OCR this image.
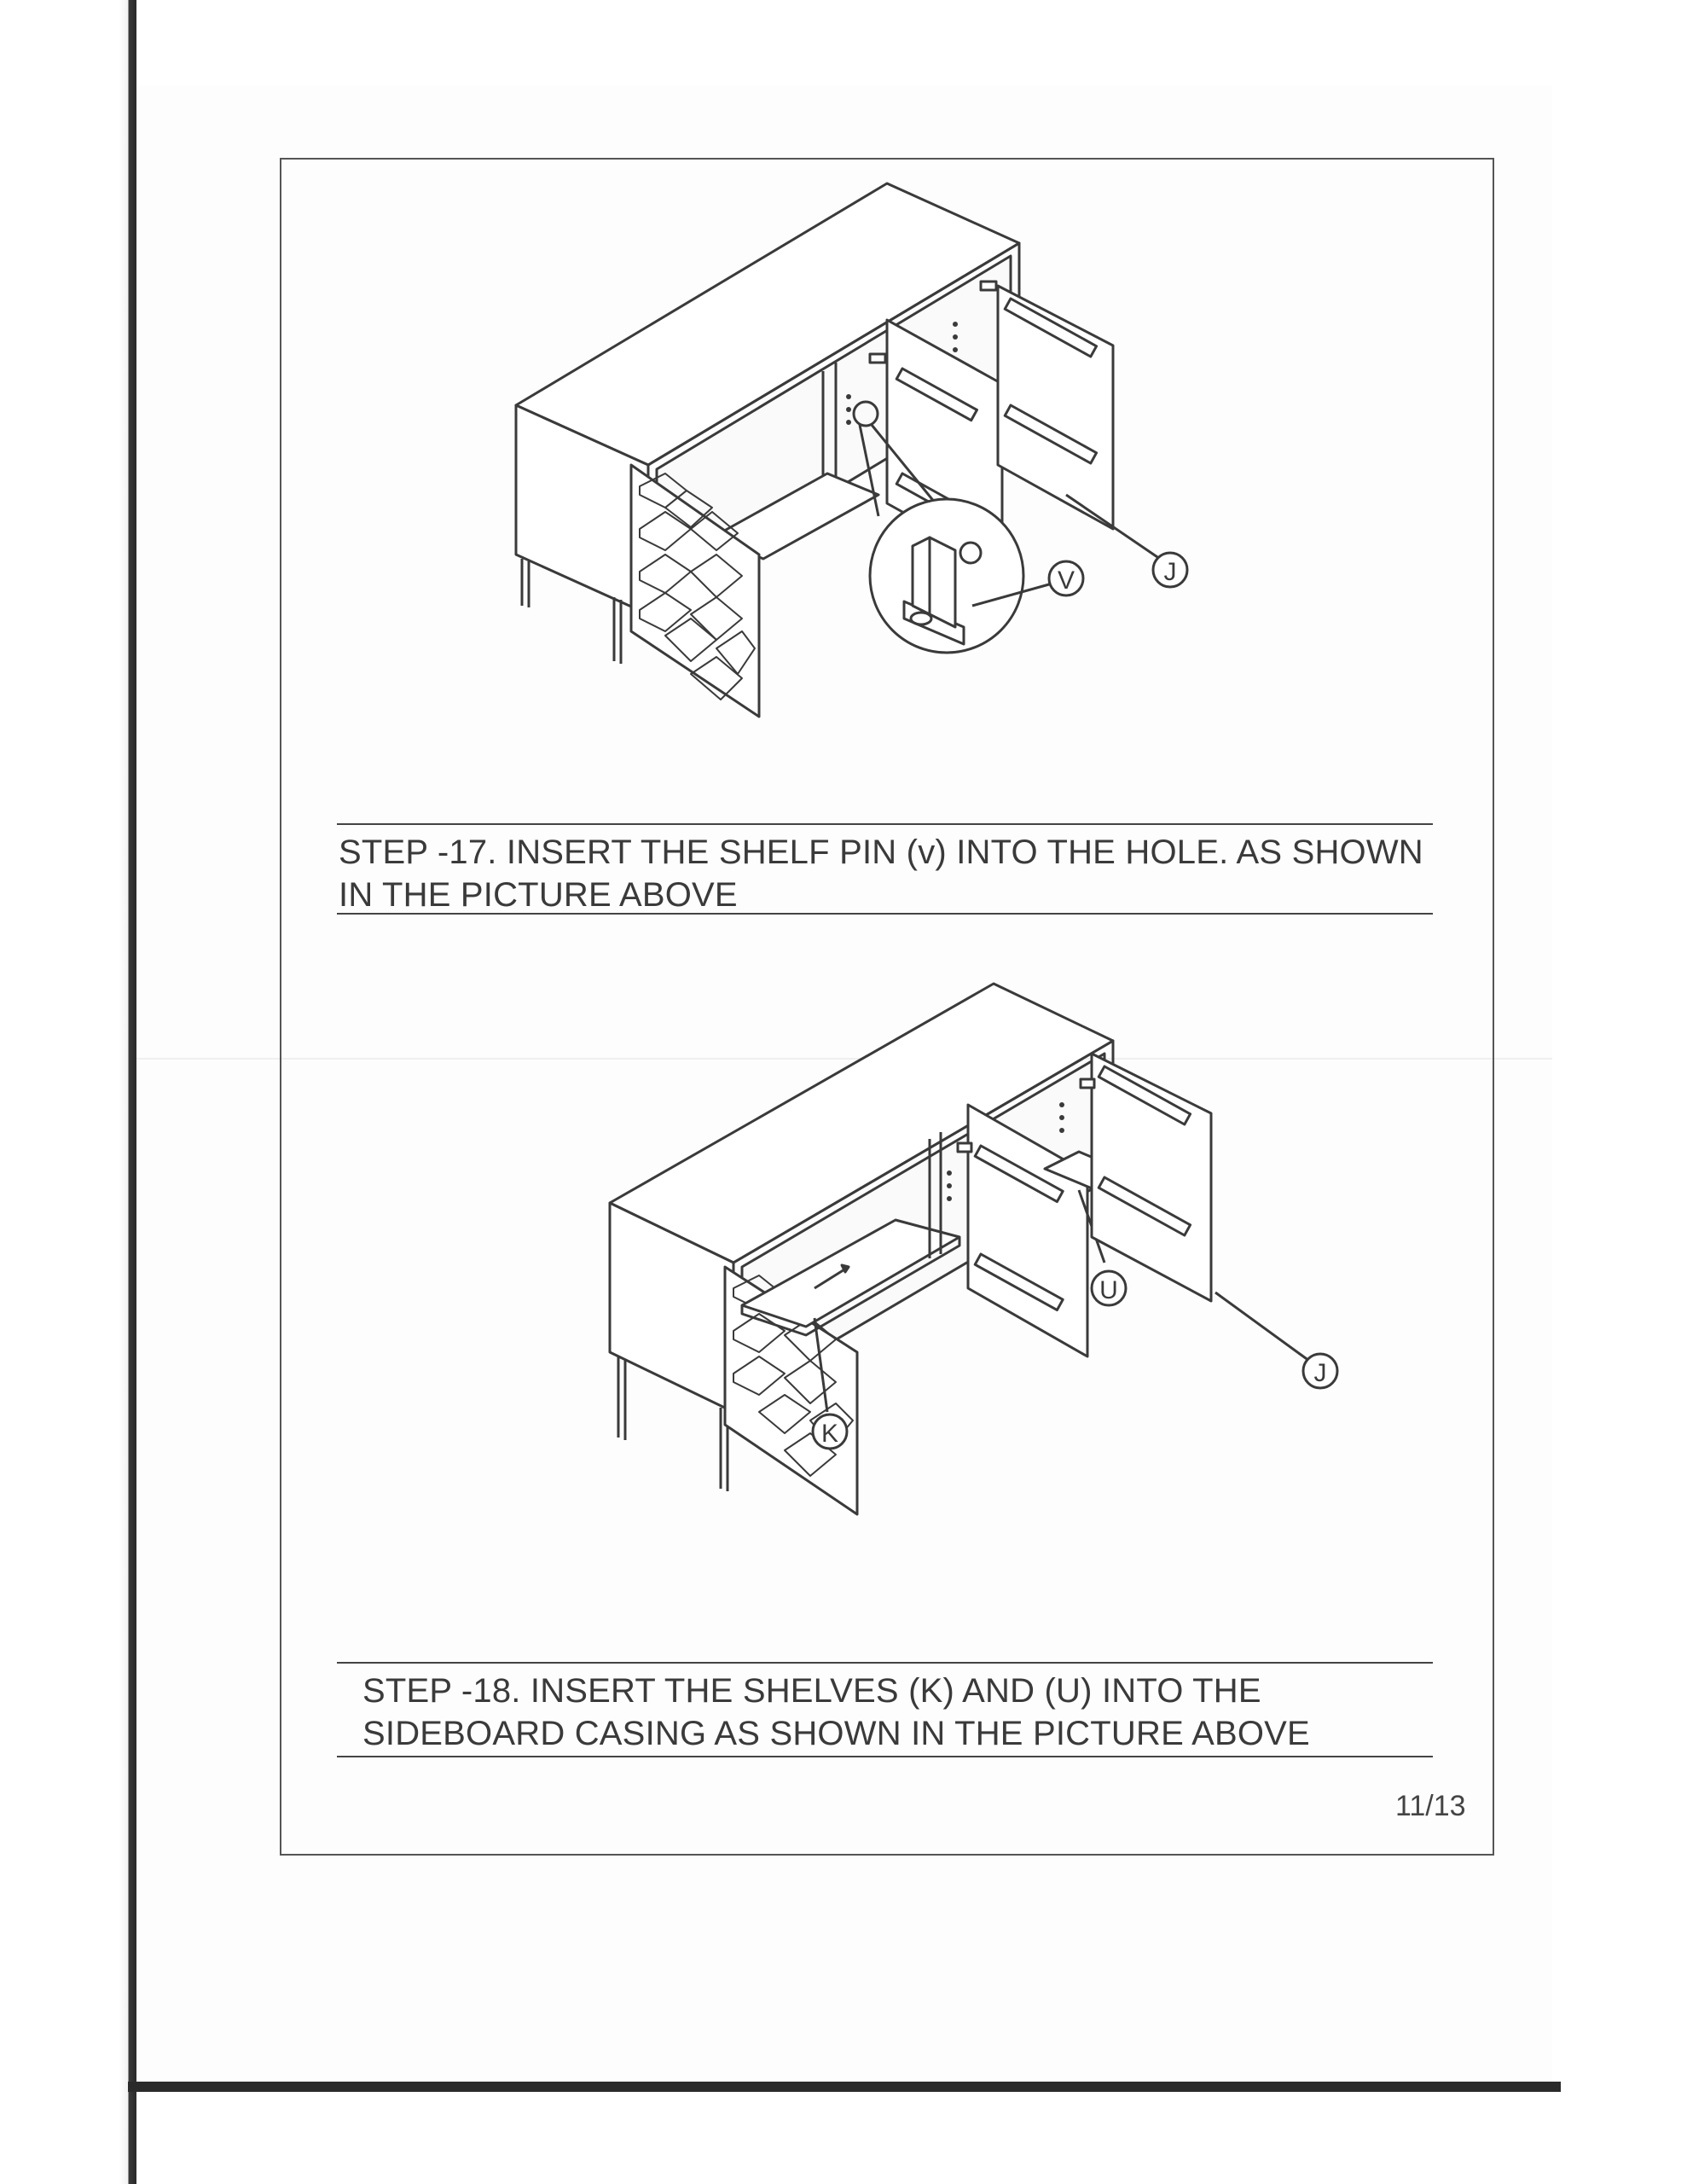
V	J
STEP -17. INSERT THE SHELF PIN (v) INTO THE HOLE. AS SHOWN
IN THE PICTURE ABOVE
U
J
K
STEP -18. INSERT THE SHELVES (K) AND (U) INTO THE
SIDEBOARD CASING AS SHOWN IN THE PICTURE ABOVE
11/13
